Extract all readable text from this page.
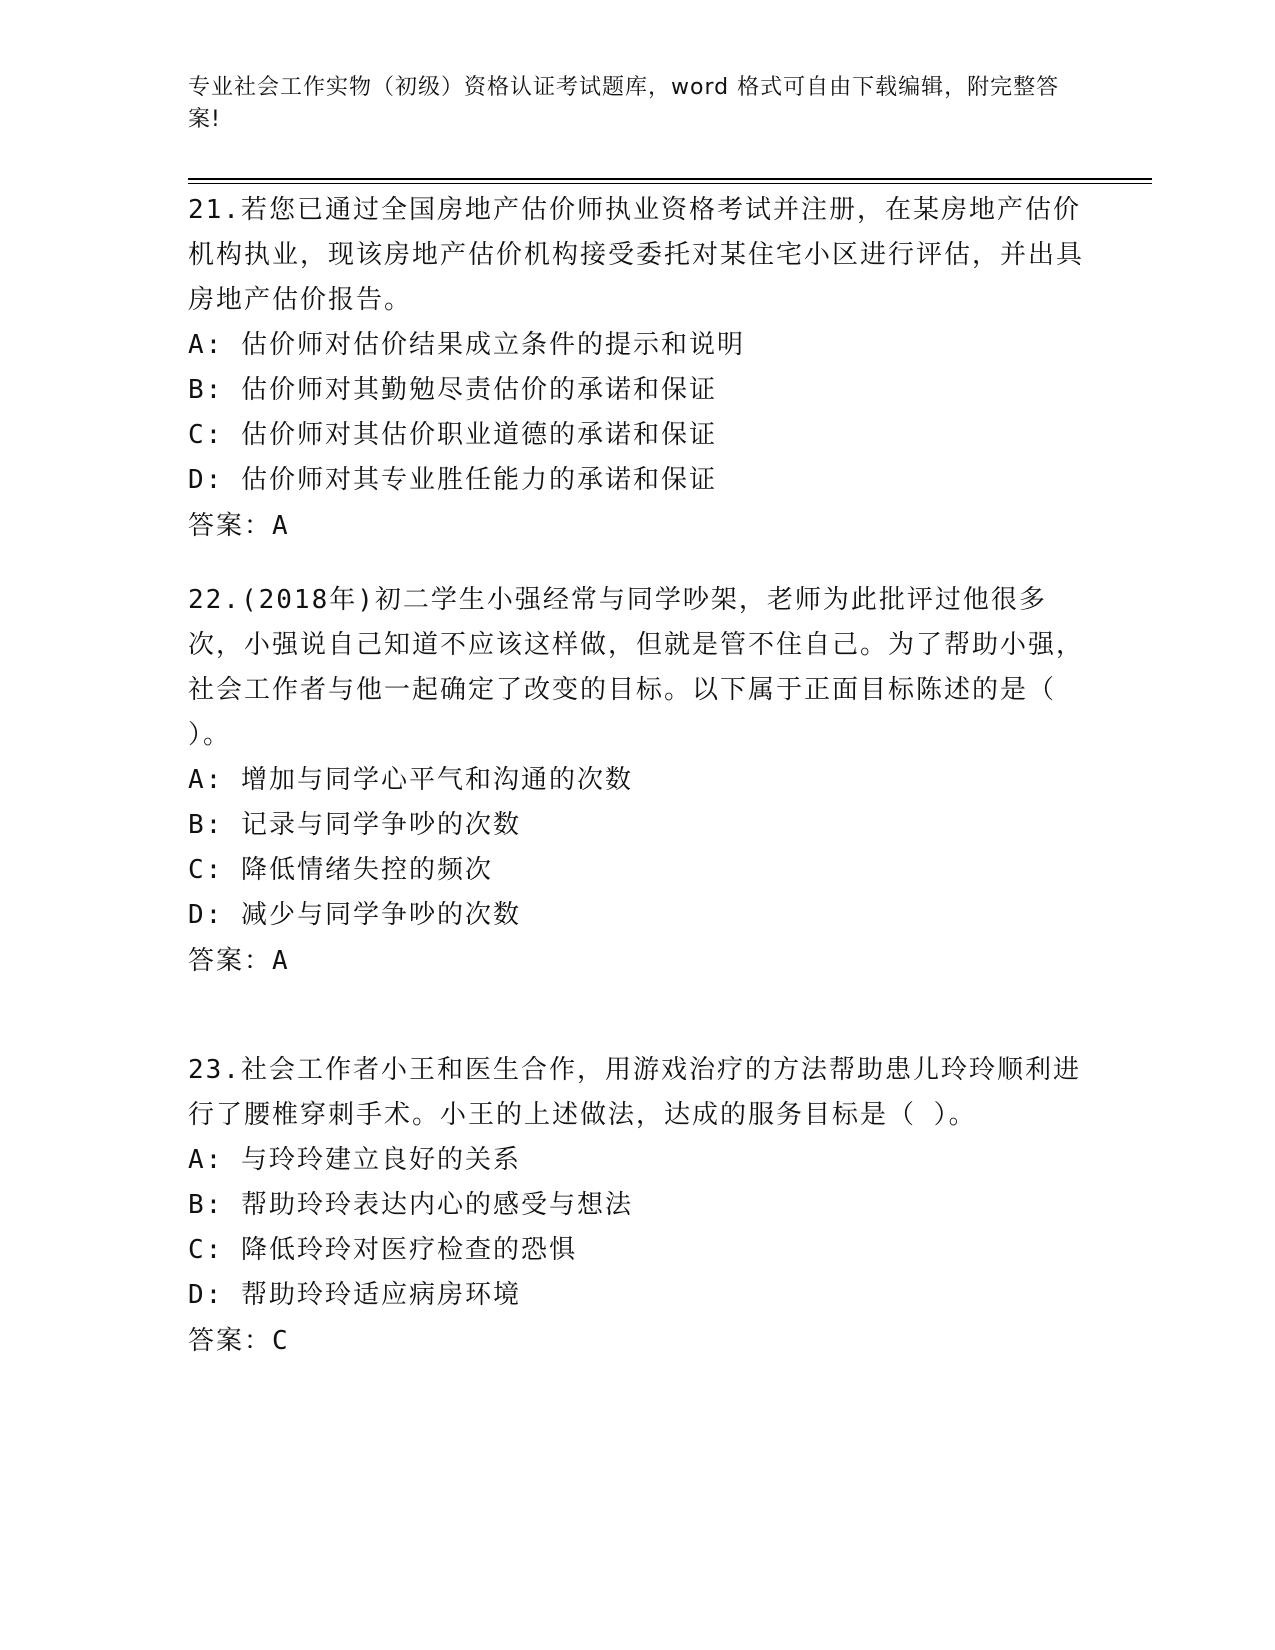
专业社会工作实物（初级）资格认证考试题库，word 格式可自由下载编辑，附完整答案!

21.若您已通过全国房地产估价师执业资格考试并注册，在某房地产估价机构执业，现该房地产估价机构接受委托对某住宅小区进行评估，并出具房地产估价报告。

A: 估价师对估价结果成立条件的提示和说明

B: 估价师对其勤勉尽责估价的承诺和保证

C: 估价师对其估价职业道德的承诺和保证

D: 估价师对其专业胜任能力的承诺和保证

答案：A

22.(2018年)初二学生小强经常与同学吵架，老师为此批评过他很多次，小强说自己知道不应该这样做，但就是管不住自己。为了帮助小强，社会工作者与他一起确定了改变的目标。以下属于正面目标陈述的是（ ）。

A: 增加与同学心平气和沟通的次数

B: 记录与同学争吵的次数

C: 降低情绪失控的频次

D: 减少与同学争吵的次数

答案：A

23.社会工作者小王和医生合作，用游戏治疗的方法帮助患儿玲玲顺利进行了腰椎穿刺手术。小王的上述做法，达成的服务目标是（ ）。

A: 与玲玲建立良好的关系

B: 帮助玲玲表达内心的感受与想法

C: 降低玲玲对医疗检查的恐惧

D: 帮助玲玲适应病房环境

答案：C
